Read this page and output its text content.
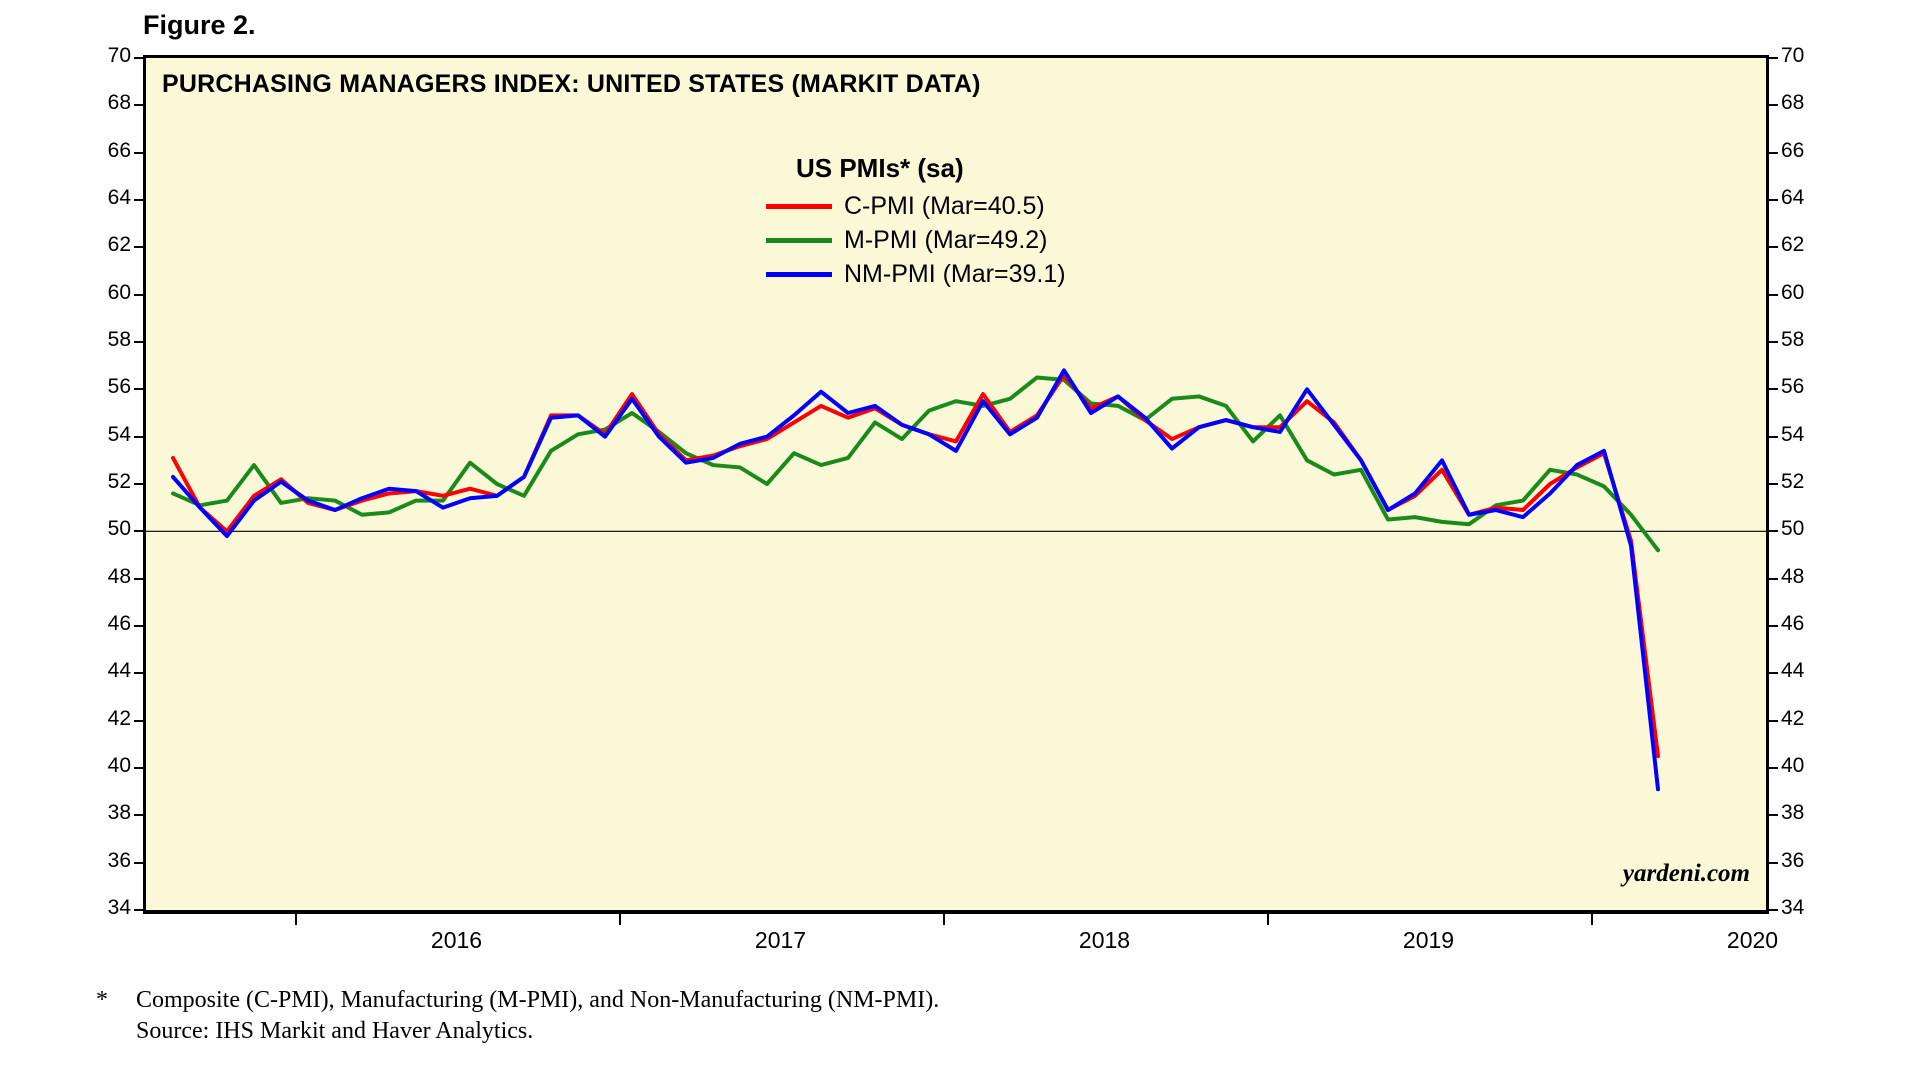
Figure 2.
PURCHASING MANAGERS INDEX: UNITED STATES (MARKIT DATA)
US PMIs* (sa)
C-PMI (Mar=40.5)
M-PMI (Mar=49.2)
NM-PMI (Mar=39.1)
yardeni.com
34
36
38
40
42
44
46
48
50
52
54
56
58
60
62
64
66
68
70
34
36
38
40
42
44
46
48
50
52
54
56
58
60
62
64
66
68
70
2016	2017	2018	2019	2020
* Composite (C-PMI), Manufacturing (M-PMI), and Non-Manufacturing (NM-PMI).
Source: IHS Markit and Haver Analytics.
